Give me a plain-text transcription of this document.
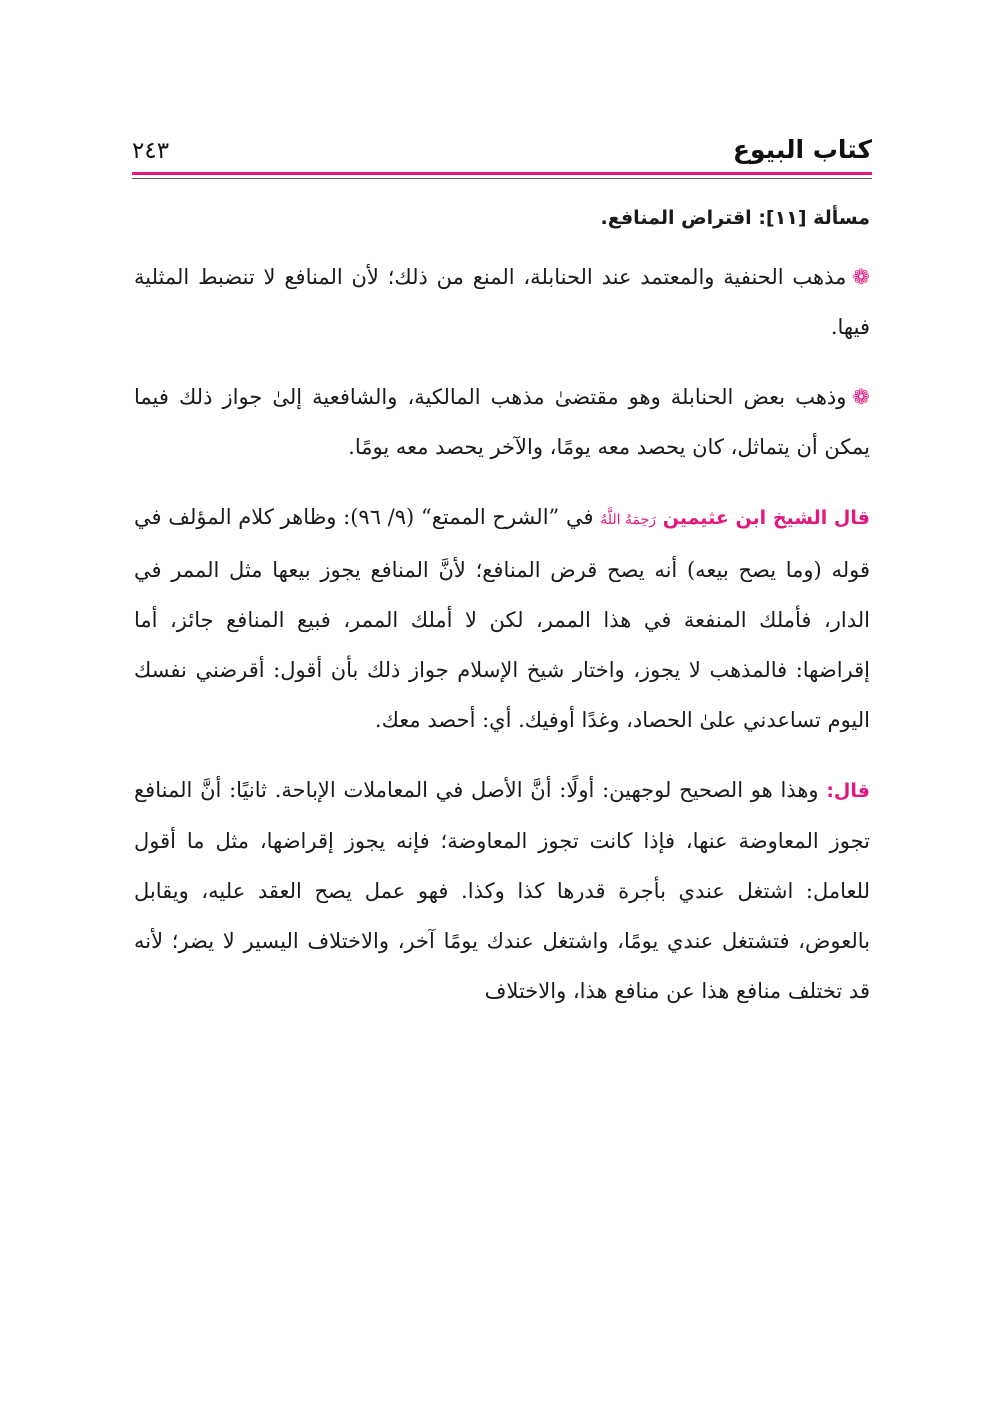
كتاب البيوع
٢٤٣

مسألة [١١]: اقتراض المنافع.

❁مذهب الحنفية والمعتمد عند الحنابلة، المنع من ذلك؛ لأن المنافع لا تنضبط المثلية فيها.

❁وذهب بعض الحنابلة وهو مقتضىٰ مذهب المالكية، والشافعية إلىٰ جواز ذلك فيما يمكن أن يتماثل، كان يحصد معه يومًا، والآخر يحصد معه يومًا.

قال الشيخ ابن عثيمين رَحِمَهُ اللَّهُ في ”الشرح الممتع“ (٩/ ٩٦): وظاهر كلام المؤلف في قوله (وما يصح بيعه) أنه يصح قرض المنافع؛ لأنَّ المنافع يجوز بيعها مثل الممر في الدار، فأملك المنفعة في هذا الممر، لكن لا أملك الممر، فبيع المنافع جائز، أما إقراضها: فالمذهب لا يجوز، واختار شيخ الإسلام جواز ذلك بأن أقول: أقرضني نفسك اليوم تساعدني علىٰ الحصاد، وغدًا أوفيك. أي: أحصد معك.

قال: وهذا هو الصحيح لوجهين: أولًا: أنَّ الأصل في المعاملات الإباحة. ثانيًا: أنَّ المنافع تجوز المعاوضة عنها، فإذا كانت تجوز المعاوضة؛ فإنه يجوز إقراضها، مثل ما أقول للعامل: اشتغل عندي بأجرة قدرها كذا وكذا. فهو عمل يصح العقد عليه، ويقابل بالعوض، فتشتغل عندي يومًا، واشتغل عندك يومًا آخر، والاختلاف اليسير لا يضر؛ لأنه قد تختلف منافع هذا عن منافع هذا، والاختلاف
